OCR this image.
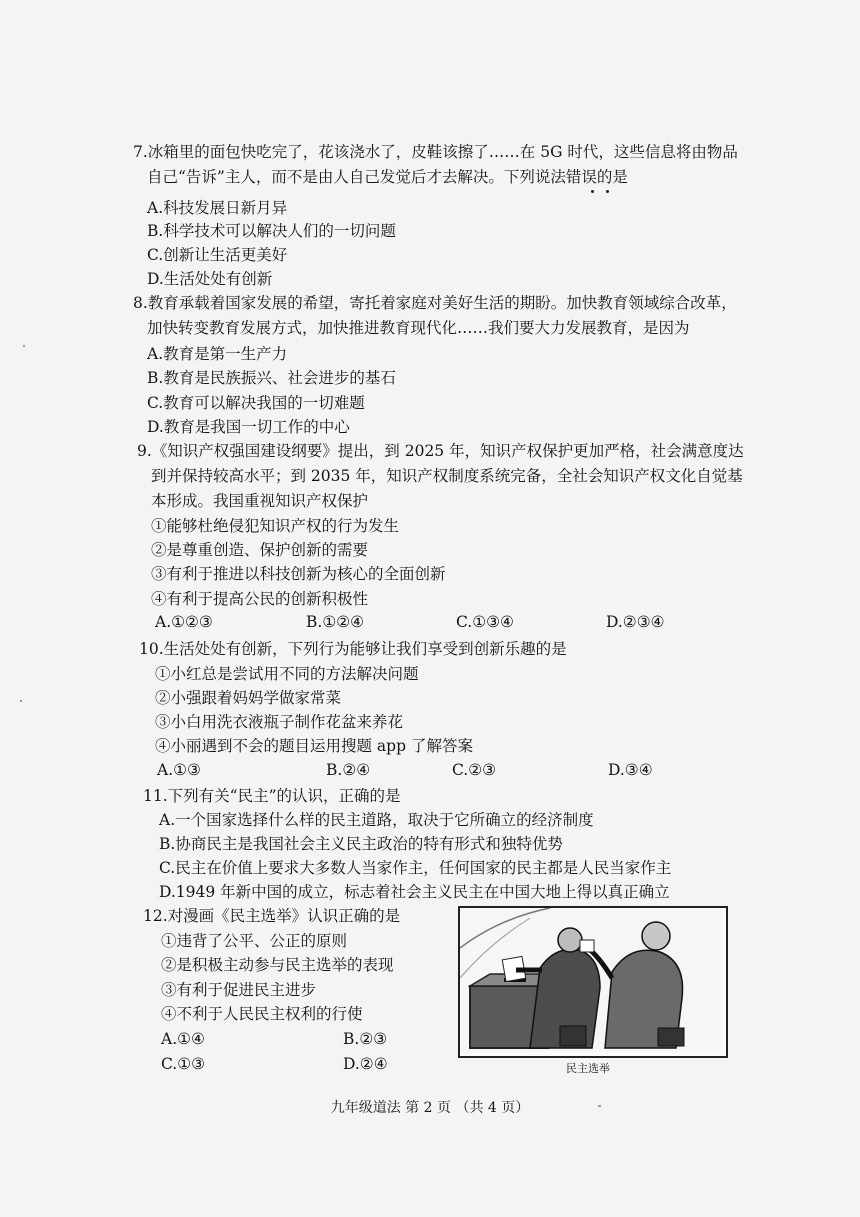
7.冰箱里的面包快吃完了，花该浇水了，皮鞋该擦了……在 5G 时代，这些信息将由物品
自己“告诉”主人，而不是由人自己发觉后才去解决。下列说法错误的是
A.科技发展日新月异
B.科学技术可以解决人们的一切问题
C.创新让生活更美好
D.生活处处有创新
8.教育承载着国家发展的希望，寄托着家庭对美好生活的期盼。加快教育领域综合改革，
加快转变教育发展方式，加快推进教育现代化……我们要大力发展教育，是因为
A.教育是第一生产力
B.教育是民族振兴、社会进步的基石
C.教育可以解决我国的一切难题
D.教育是我国一切工作的中心
9.《知识产权强国建设纲要》提出，到 2025 年，知识产权保护更加严格，社会满意度达
到并保持较高水平；到 2035 年，知识产权制度系统完备，全社会知识产权文化自觉基
本形成。我国重视知识产权保护
①能够杜绝侵犯知识产权的行为发生
②是尊重创造、保护创新的需要
③有利于推进以科技创新为核心的全面创新
④有利于提高公民的创新积极性
A.①②③	B.①②④	C.①③④	D.②③④
10.生活处处有创新，下列行为能够让我们享受到创新乐趣的是
①小红总是尝试用不同的方法解决问题
②小强跟着妈妈学做家常菜
③小白用洗衣液瓶子制作花盆来养花
④小丽遇到不会的题目运用搜题 app 了解答案
A.①③	B.②④	C.②③	D.③④
11.下列有关“民主”的认识，正确的是
A.一个国家选择什么样的民主道路，取决于它所确立的经济制度
B.协商民主是我国社会主义民主政治的特有形式和独特优势
C.民主在价值上要求大多数人当家作主，任何国家的民主都是人民当家作主
D.1949 年新中国的成立，标志着社会主义民主在中国大地上得以真正确立
12.对漫画《民主选举》认识正确的是
①违背了公平、公正的原则
②是积极主动参与民主选举的表现
③有利于促进民主进步
④不利于人民民主权利的行使
A.①④	B.②③
C.①③	D.②④	民主选举
九年级道法 第 2 页 （共 4 页）
